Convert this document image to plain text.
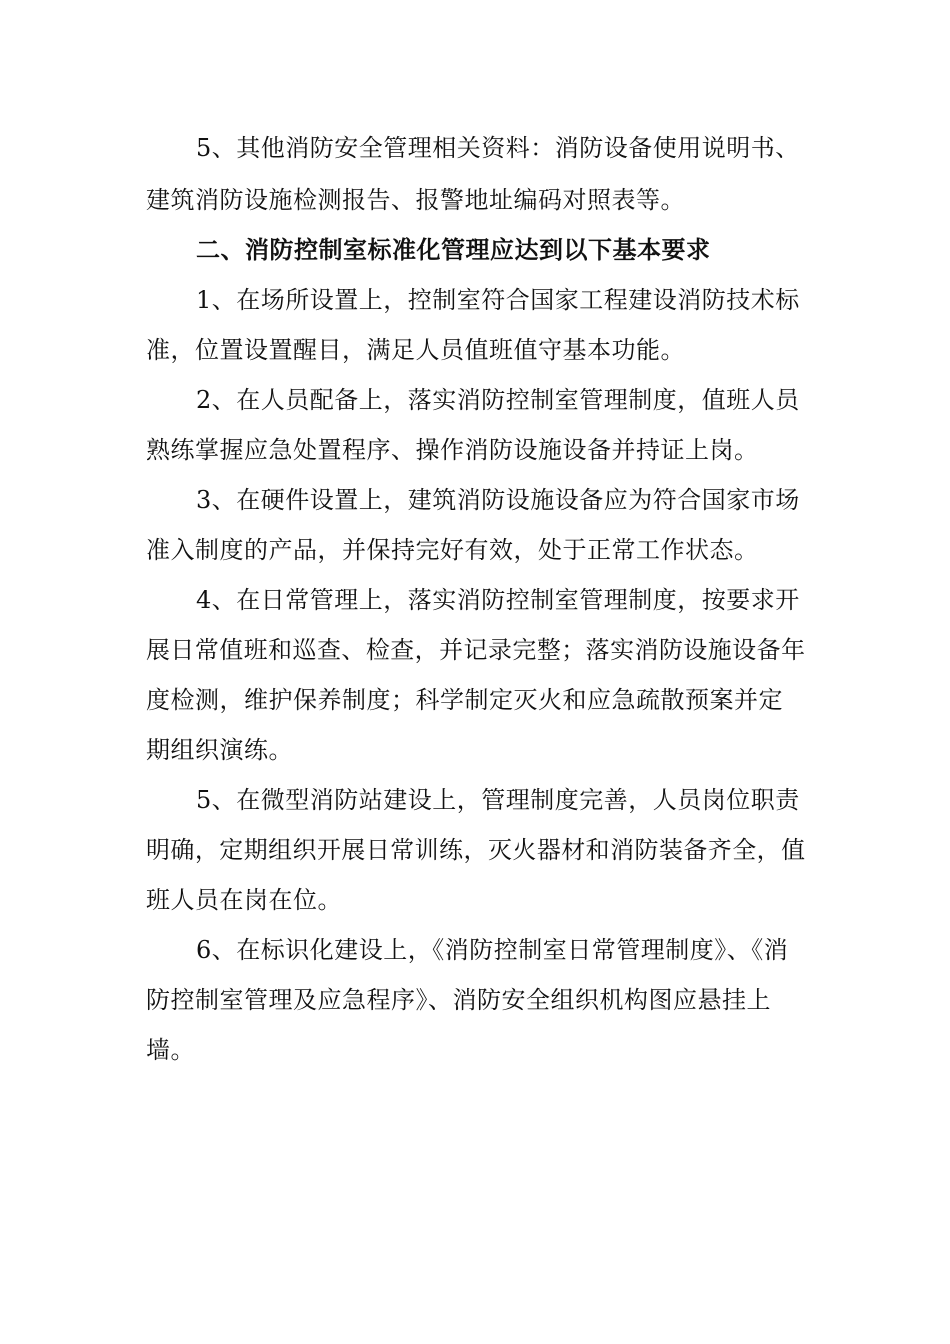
5、其他消防安全管理相关资料：消防设备使用说明书、
建筑消防设施检测报告、报警地址编码对照表等。
二、消防控制室标准化管理应达到以下基本要求
1、在场所设置上，控制室符合国家工程建设消防技术标
准，位置设置醒目，满足人员值班值守基本功能。
2、在人员配备上，落实消防控制室管理制度，值班人员
熟练掌握应急处置程序、操作消防设施设备并持证上岗。
3、在硬件设置上，建筑消防设施设备应为符合国家市场
准入制度的产品，并保持完好有效，处于正常工作状态。
4、在日常管理上，落实消防控制室管理制度，按要求开
展日常值班和巡查、检查，并记录完整；落实消防设施设备年
度检测，维护保养制度；科学制定灭火和应急疏散预案并定
期组织演练。
5、在微型消防站建设上，管理制度完善，人员岗位职责
明确，定期组织开展日常训练，灭火器材和消防装备齐全，值
班人员在岗在位。
6、在标识化建设上，《消防控制室日常管理制度》、《消
防控制室管理及应急程序》、消防安全组织机构图应悬挂上
墙。
